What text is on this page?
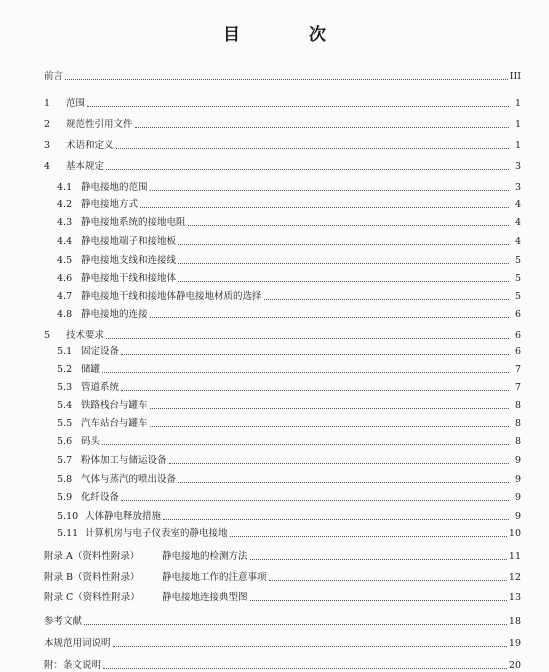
目　次
前言	III
1	范围	1
2	规范性引用文件	1
3	术语和定义	1
4	基本规定	3
4.1 静电接地的范围	3
4.2 静电接地方式	4
4.3 静电接地系统的接地电阻	4
4.4 静电接地端子和接地板	4
4.5 静电接地支线和连接线	5
4.6 静电接地干线和接地体	5
4.7 静电接地干线和接地体静电接地材质的选择	5
4.8 静电接地的连接	6
5	技术要求	6
5.1 固定设备	6
5.2 储罐	7
5.3 管道系统	7
5.4 铁路栈台与罐车	8
5.5 汽车站台与罐车	8
5.6 码头	8
5.7 粉体加工与储运设备	9
5.8 气体与蒸汽的喷出设备	9
5.9 化纤设备	9
5.10 人体静电释放措施	9
5.11 计算机房与电子仪表室的静电接地	10
附录 A（资料性附录）	静电接地的检测方法	11
附录 B（资料性附录）	静电接地工作的注意事项	12
附录 C（资料性附录）	静电接地连接典型图	13
参考文献	18
本规范用词说明	19
附：条文说明	20
